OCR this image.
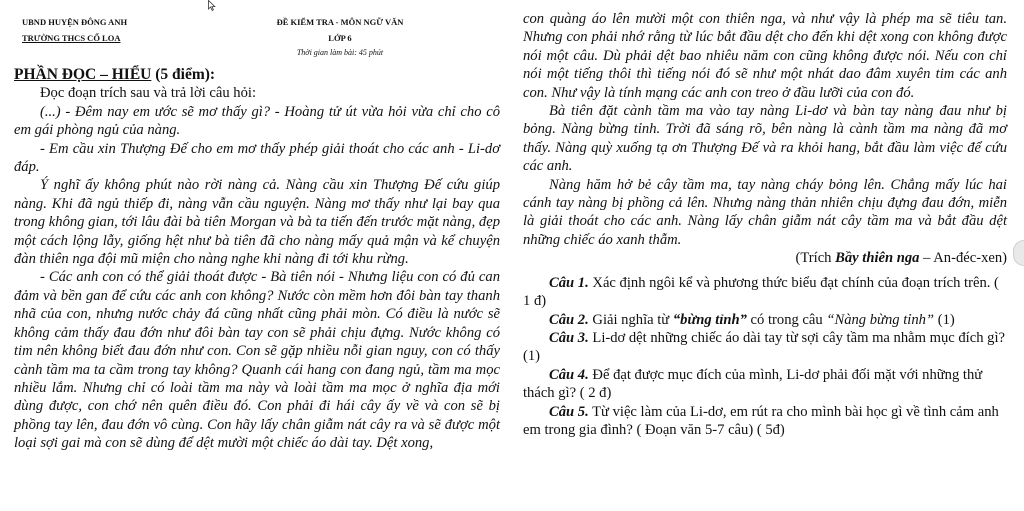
UBND HUYỆN ĐÔNG ANH
TRƯỜNG THCS CỔ LOA
ĐỀ KIỂM TRA - MÔN NGỮ VĂN
LỚP 6
Thời gian làm bài: 45 phút

PHẦN ĐỌC – HIỂU (5 điểm):

Đọc đoạn trích sau và trả lời câu hỏi:

(...) - Đêm nay em ước sẽ mơ thấy gì? - Hoàng tử út vừa hỏi vừa chỉ cho cô em gái phòng ngủ của nàng.

- Em cầu xin Thượng Đế cho em mơ thấy phép giải thoát cho các anh - Li-dơ đáp.

Ý nghĩ ấy không phút nào rời nàng cả. Nàng cầu xin Thượng Đế cứu giúp nàng. Khi đã ngủ thiếp đi, nàng vẫn cầu nguyện. Nàng mơ thấy như lại bay qua trong không gian, tới lâu đài bà tiên Morgan và bà ta tiến đến trước mặt nàng, đẹp một cách lộng lẫy, giống hệt như bà tiên đã cho nàng mấy quả mận và kể chuyện đàn thiên nga đội mũ miện cho nàng nghe khi nàng đi tới khu rừng.

- Các anh con có thể giải thoát được - Bà tiên nói - Nhưng liệu con có đủ can đảm và bền gan để cứu các anh con không? Nước còn mềm hơn đôi bàn tay thanh nhã của con, nhưng nước chảy đá cũng nhất cũng phải mòn. Có điều là nước sẽ không cảm thấy đau đớn như đôi bàn tay con sẽ phải chịu đựng. Nước không có tim nên không biết đau đớn như con. Con sẽ gặp nhiều nỗi gian nguy, con có thấy cành tầm ma ta cầm trong tay không? Quanh cái hang con đang ngủ, tầm ma mọc nhiều lắm. Nhưng chỉ có loài tầm ma này và loài tầm ma mọc ở nghĩa địa mới dùng được, con chớ nên quên điều đó. Con phải đi hái cây ấy về và con sẽ bị phồng tay lên, đau đớn vô cùng. Con hãy lấy chân giẫm nát cây ra và sẽ được một loại sợi gai mà con sẽ dùng để dệt mười một chiếc áo dài tay. Dệt xong,

con quàng áo lên mười một con thiên nga, và như vậy là phép ma sẽ tiêu tan. Nhưng con phải nhớ rằng từ lúc bắt đầu dệt cho đến khi dệt xong con không được nói một câu. Dù phải dệt bao nhiêu năm con cũng không được nói. Nếu con chỉ nói một tiếng thôi thì tiếng nói đó sẽ như một nhát dao đâm xuyên tim các anh con. Như vậy là tính mạng các anh con treo ở đầu lưỡi của con đó.

Bà tiên đặt cành tầm ma vào tay nàng Li-dơ và bàn tay nàng đau như bị bỏng. Nàng bừng tỉnh. Trời đã sáng rõ, bên nàng là cành tầm ma nàng đã mơ thấy. Nàng quỳ xuống tạ ơn Thượng Đế và ra khỏi hang, bắt đầu làm việc để cứu các anh.

Nàng hăm hở bẻ cây tầm ma, tay nàng cháy bỏng lên. Chẳng mấy lúc hai cánh tay nàng bị phồng cả lên. Nhưng nàng thản nhiên chịu đựng đau đớn, miễn là giải thoát cho các anh. Nàng lấy chân giẫm nát cây tầm ma và bắt đầu dệt những chiếc áo xanh thẫm.

(Trích Bầy thiên nga – An-đéc-xen)

Câu 1. Xác định ngôi kể và phương thức biểu đạt chính của đoạn trích trên. ( 1 đ)

Câu 2. Giải nghĩa từ “bừng tỉnh” có trong câu “Nàng bừng tỉnh” (1)

Câu 3. Li-dơ dệt những chiếc áo dài tay từ sợi cây tầm ma nhằm mục đích gì? (1)

Câu 4. Để đạt được mục đích của mình, Li-dơ phải đối mặt với những thử thách gì? ( 2 đ)

Câu 5. Từ việc làm của Li-dơ, em rút ra cho mình bài học gì về tình cảm anh em trong gia đình? ( Đoạn văn 5-7 câu) ( 5đ)
